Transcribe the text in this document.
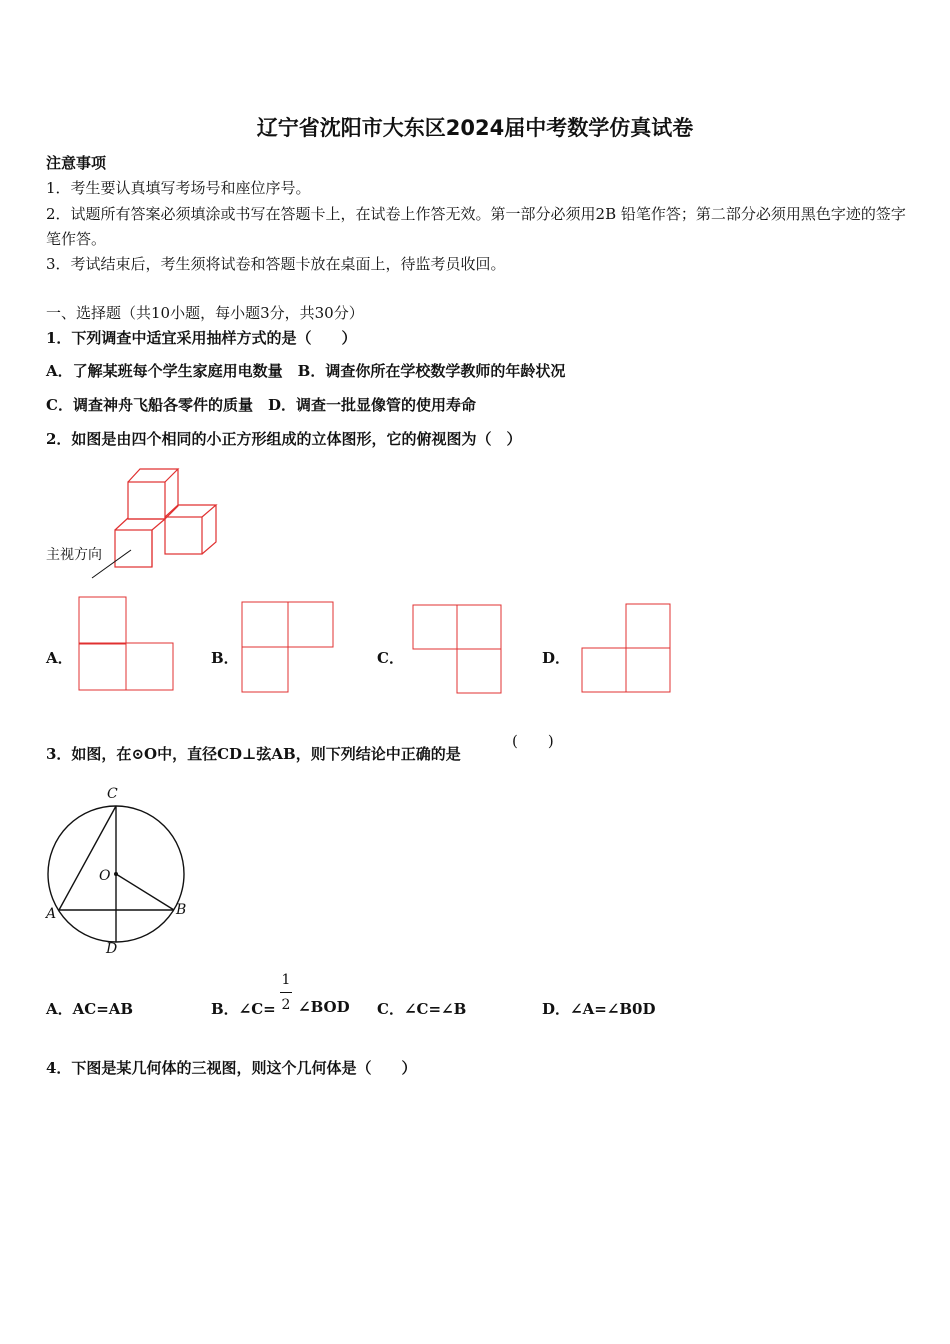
辽宁省沈阳市大东区2024届中考数学仿真试卷
注意事项
1．考生要认真填写考场号和座位序号。
2．试题所有答案必须填涂或书写在答题卡上，在试卷上作答无效。第一部分必须用2B 铅笔作答；第二部分必须用黑色字迹的签字笔作答。
3．考试结束后，考生须将试卷和答题卡放在桌面上，待监考员收回。
一、选择题（共10小题，每小题3分，共30分）
1．下列调查中适宜采用抽样方式的是（　　）
A．了解某班每个学生家庭用电数量　B．调查你所在学校数学教师的年龄状况
C．调查神舟飞船各零件的质量　D．调查一批显像管的使用寿命
2．如图是由四个相同的小正方形组成的立体图形，它的俯视图为（　）
主视方向
A．	B．	C．	D．
3．如图，在⊙O中，直径CD⊥弦AB，则下列结论中正确的是
(　　)
C
O
A	B
D
A．AC=AB	B．∠C=
1
2 ∠BOD C．∠C=∠B	D．∠A=∠B0D
4．下图是某几何体的三视图，则这个几何体是（　　）
